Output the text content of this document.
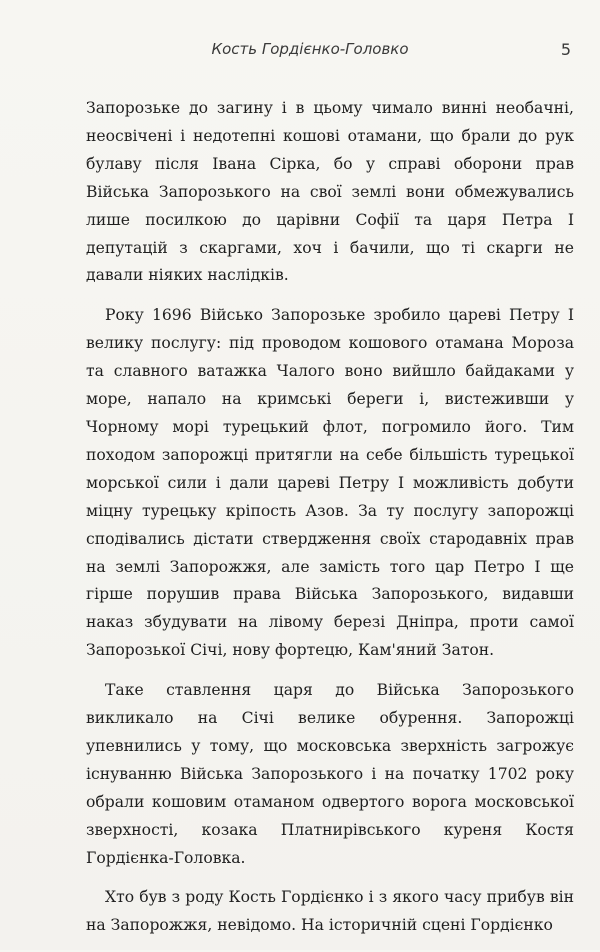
Кость Гордієнко-Головко	5

Запорозьке до загину і в цьому чимало винні необачні, неосвічені і недотепні кошові отамани, що брали до рук булаву після Івана Сірка, бо у справі оборони прав Війська Запорозького на свої землі вони обмежувались лише посилкою до царівни Софії та царя Петра І депутацій з скаргами, хоч і бачили, що ті скарги не давали ніяких наслідків.

Року 1696 Військо Запорозьке зробило цареві Петру І велику послугу: під проводом кошового отамана Мороза та славного ватажка Чалого воно вийшло байдаками у море, напало на кримські береги і, вистеживши у Чорному морі турецький флот, погромило його. Тим походом запорожці притягли на себе більшість турецької морської сили і дали цареві Петру І можливість добути міцну турецьку кріпость Азов. За ту послугу запорожці сподівались дістати ствердження своїх стародавніх прав на землі Запорожжя, але замість того цар Петро І ще гірше порушив права Війська Запорозького, видавши наказ збудувати на лівому березі Дніпра, проти самої Запорозької Січі, нову фортецю, Кам'яний Затон.

Таке ставлення царя до Війська Запорозького викликало на Січі велике обурення. Запорожці упевнились у тому, що московська зверхність загрожує існуванню Війська Запорозького і на початку 1702 року обрали кошовим отаманом одвертого ворога московської зверхності, козака Платнирівського куреня Костя Гордієнка-Головка.

Хто був з роду Кость Гордієнко і з якого часу прибув він на Запорожжя, невідомо. На історичній сцені Гордієнко
